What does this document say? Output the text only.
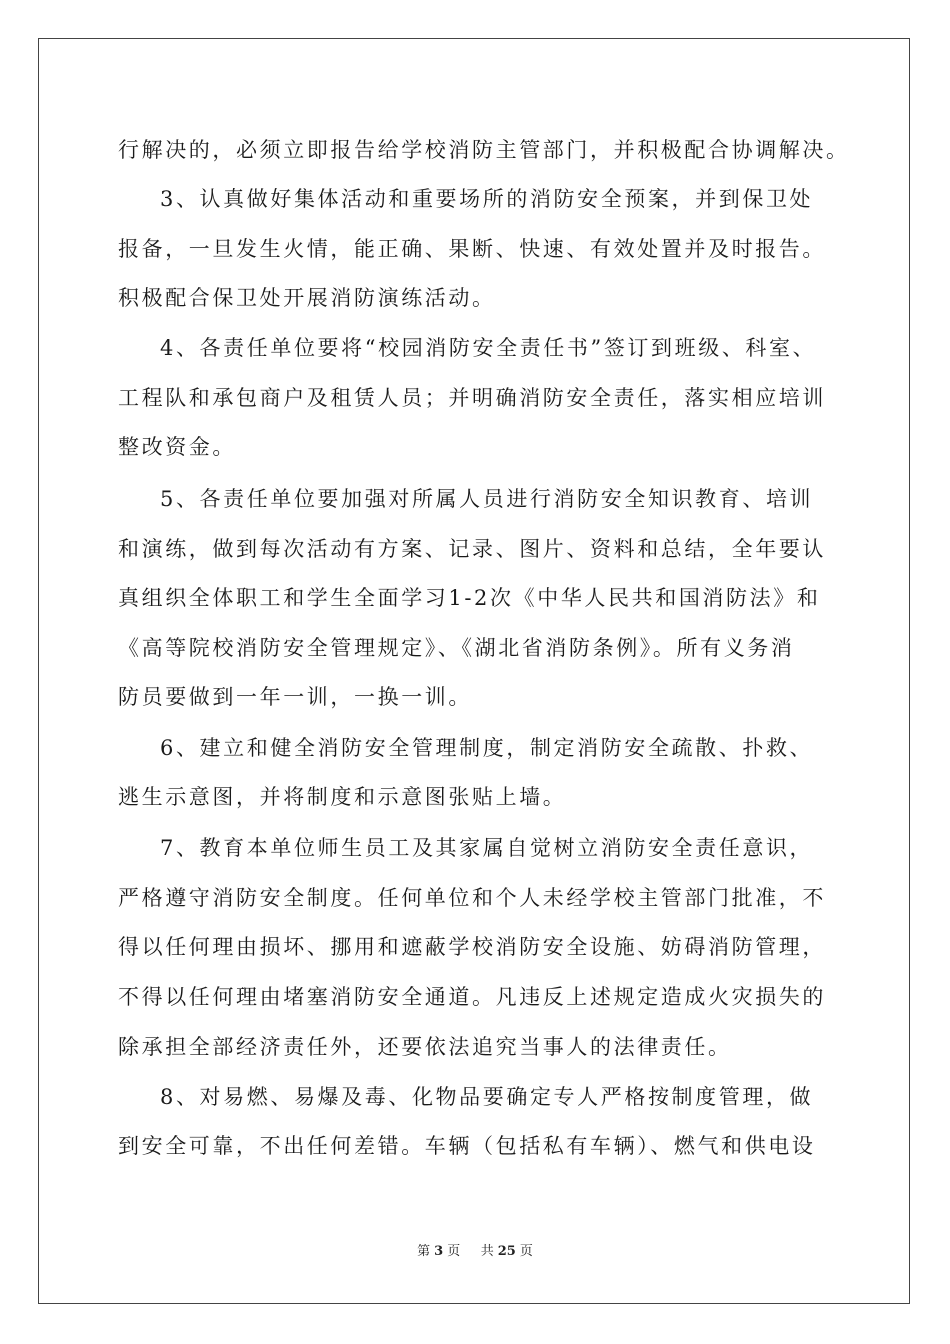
行解决的，必须立即报告给学校消防主管部门，并积极配合协调解决。
3、认真做好集体活动和重要场所的消防安全预案，并到保卫处
报备，一旦发生火情，能正确、果断、快速、有效处置并及时报告。
积极配合保卫处开展消防演练活动。
4、各责任单位要将“校园消防安全责任书”签订到班级、科室、
工程队和承包商户及租赁人员；并明确消防安全责任，落实相应培训
整改资金。
5、各责任单位要加强对所属人员进行消防安全知识教育、培训
和演练，做到每次活动有方案、记录、图片、资料和总结，全年要认
真组织全体职工和学生全面学习1-2次《中华人民共和国消防法》和
《高等院校消防安全管理规定》、《湖北省消防条例》。所有义务消
防员要做到一年一训，一换一训。
6、建立和健全消防安全管理制度，制定消防安全疏散、扑救、
逃生示意图，并将制度和示意图张贴上墙。
7、教育本单位师生员工及其家属自觉树立消防安全责任意识，
严格遵守消防安全制度。任何单位和个人未经学校主管部门批准，不
得以任何理由损坏、挪用和遮蔽学校消防安全设施、妨碍消防管理，
不得以任何理由堵塞消防安全通道。凡违反上述规定造成火灾损失的
除承担全部经济责任外，还要依法追究当事人的法律责任。
8、对易燃、易爆及毒、化物品要确定专人严格按制度管理，做
到安全可靠，不出任何差错。车辆（包括私有车辆）、燃气和供电设
第 3 页 共 25 页
